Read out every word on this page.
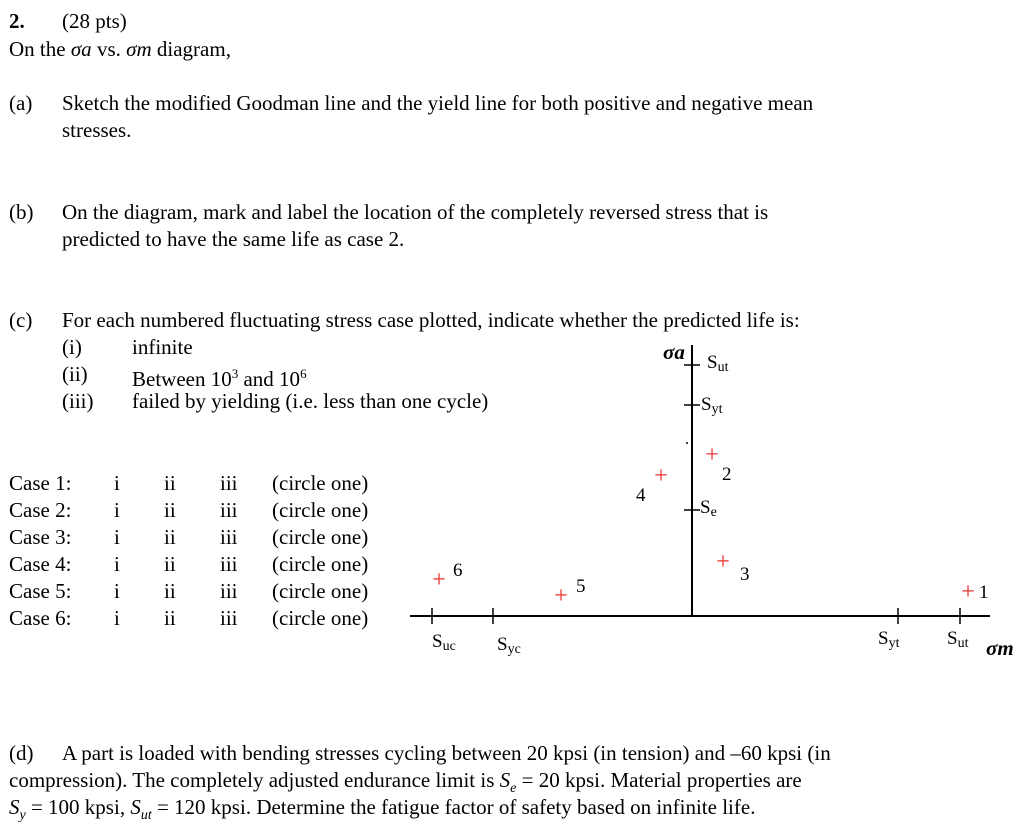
2. (28 pts)
On the σa vs. σm diagram,
(a) Sketch the modified Goodman line and the yield line for both positive and negative mean
stresses.
(b) On the diagram, mark and label the location of the completely reversed stress that is
predicted to have the same life as case 2.
(c) For each numbered fluctuating stress case plotted, indicate whether the predicted life is:
(i) infinite
(ii) Between $10^3$ and $10^6$
(iii) failed by yielding (i.e. less than one cycle)
Case 1: i ii iii (circle one)
Case 2: i ii iii (circle one)
Case 3: i ii iii (circle one)
Case 4: i ii iii (circle one)
Case 5: i ii iii (circle one)
Case 6: i ii iii (circle one)
σa
σm
Sut
Syt
Se
Suc Syc
Syt	Sut
+ 1
+
2
+ 3
+
4
+ 5
+ 6
(d) A part is loaded with bending stresses cycling between 20 kpsi (in tension) and –60 kpsi (in
compression). The completely adjusted endurance limit is $S_e = 20$ kpsi. Material properties are
$S_y = 100$ kpsi, $S_{ut} = 120$ kpsi. Determine the fatigue factor of safety based on infinite life.
